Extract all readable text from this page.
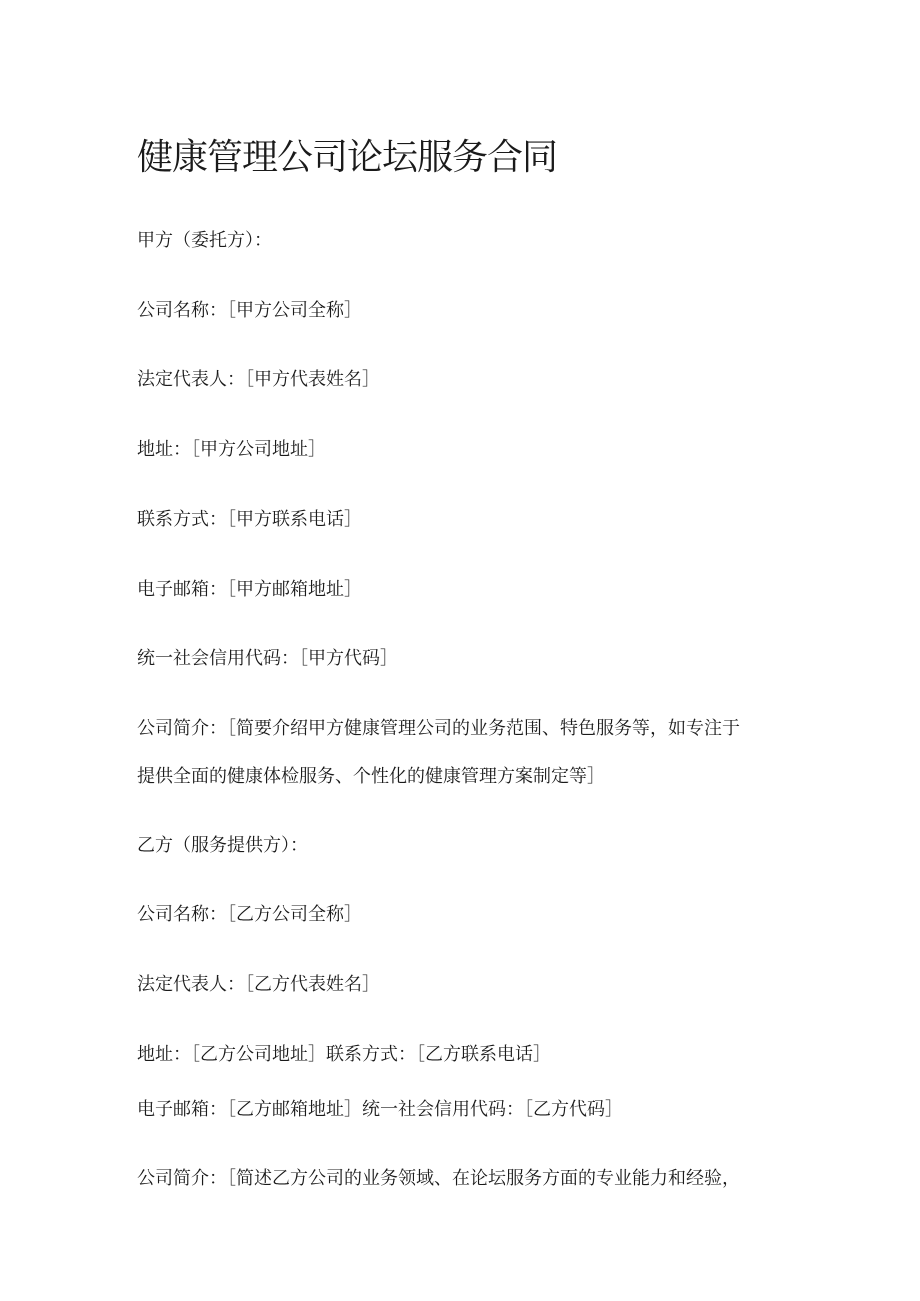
健康管理公司论坛服务合同

甲方（委托方）：

公司名称：［甲方公司全称］

法定代表人：［甲方代表姓名］

地址：［甲方公司地址］

联系方式：［甲方联系电话］

电子邮箱：［甲方邮箱地址］

统一社会信用代码：［甲方代码］

公司简介：［简要介绍甲方健康管理公司的业务范围、特色服务等，如专注于

提供全面的健康体检服务、个性化的健康管理方案制定等］

乙方（服务提供方）：

公司名称：［乙方公司全称］

法定代表人：［乙方代表姓名］

地址：［乙方公司地址］联系方式：［乙方联系电话］

电子邮箱：［乙方邮箱地址］统一社会信用代码：［乙方代码］

公司简介：［简述乙方公司的业务领域、在论坛服务方面的专业能力和经验，
